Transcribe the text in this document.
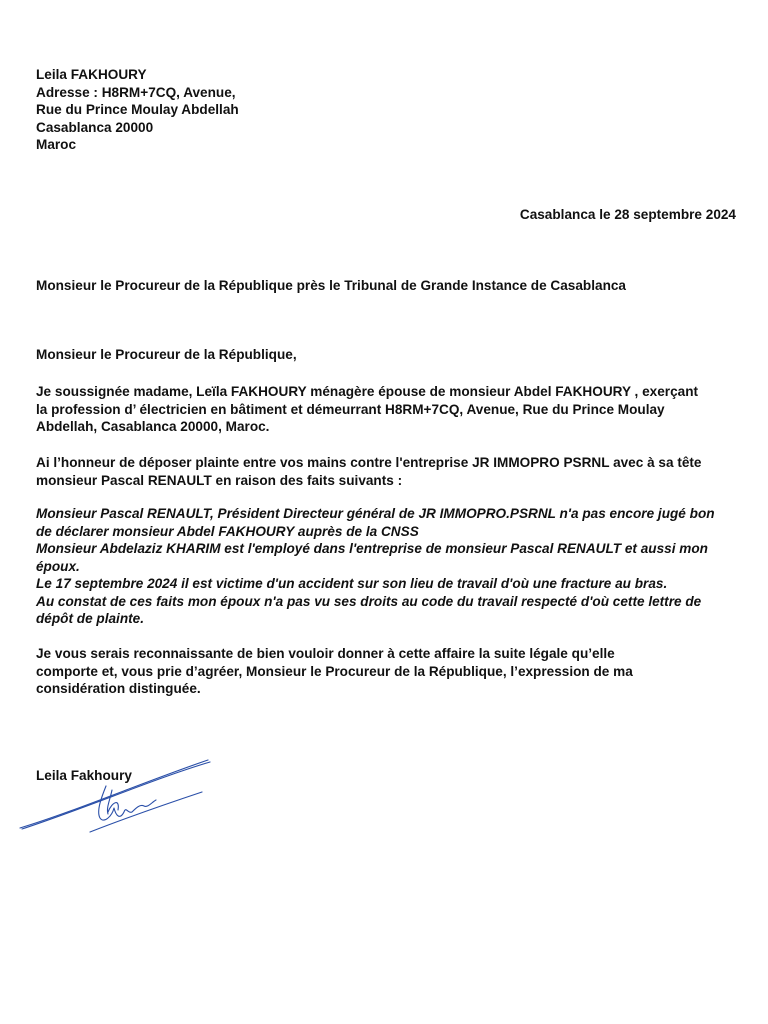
Leila FAKHOURY
Adresse : H8RM+7CQ, Avenue,
Rue du Prince Moulay Abdellah
Casablanca 20000
Maroc
Casablanca le 28 septembre 2024
Monsieur le Procureur de la République près le Tribunal de Grande Instance de Casablanca
Monsieur le Procureur de la République,
Je soussignée madame, Leïla FAKHOURY ménagère épouse de monsieur Abdel FAKHOURY , exerçant
la profession d’ électricien en bâtiment et démeurrant H8RM+7CQ, Avenue, Rue du Prince Moulay
Abdellah, Casablanca 20000, Maroc.
Ai l’honneur de déposer plainte entre vos mains contre l'entreprise JR IMMOPRO PSRNL avec à sa tête
monsieur Pascal RENAULT en raison des faits suivants :
Monsieur Pascal RENAULT, Président Directeur général de JR IMMOPRO.PSRNL n'a pas encore jugé bon
de déclarer monsieur Abdel FAKHOURY auprès de la CNSS
Monsieur Abdelaziz KHARIM est l'employé dans l'entreprise de monsieur Pascal RENAULT et aussi mon
époux.
Le 17 septembre 2024 il est victime d'un accident sur son lieu de travail d'où une fracture au bras.
Au constat de ces faits mon époux n'a pas vu ses droits au code du travail respecté d'où cette lettre de
dépôt de plainte.
Je vous serais reconnaissante de bien vouloir donner à cette affaire la suite légale qu’elle
comporte et, vous prie d’agréer, Monsieur le Procureur de la République, l’expression de ma
considération distinguée.
Leila Fakhoury
